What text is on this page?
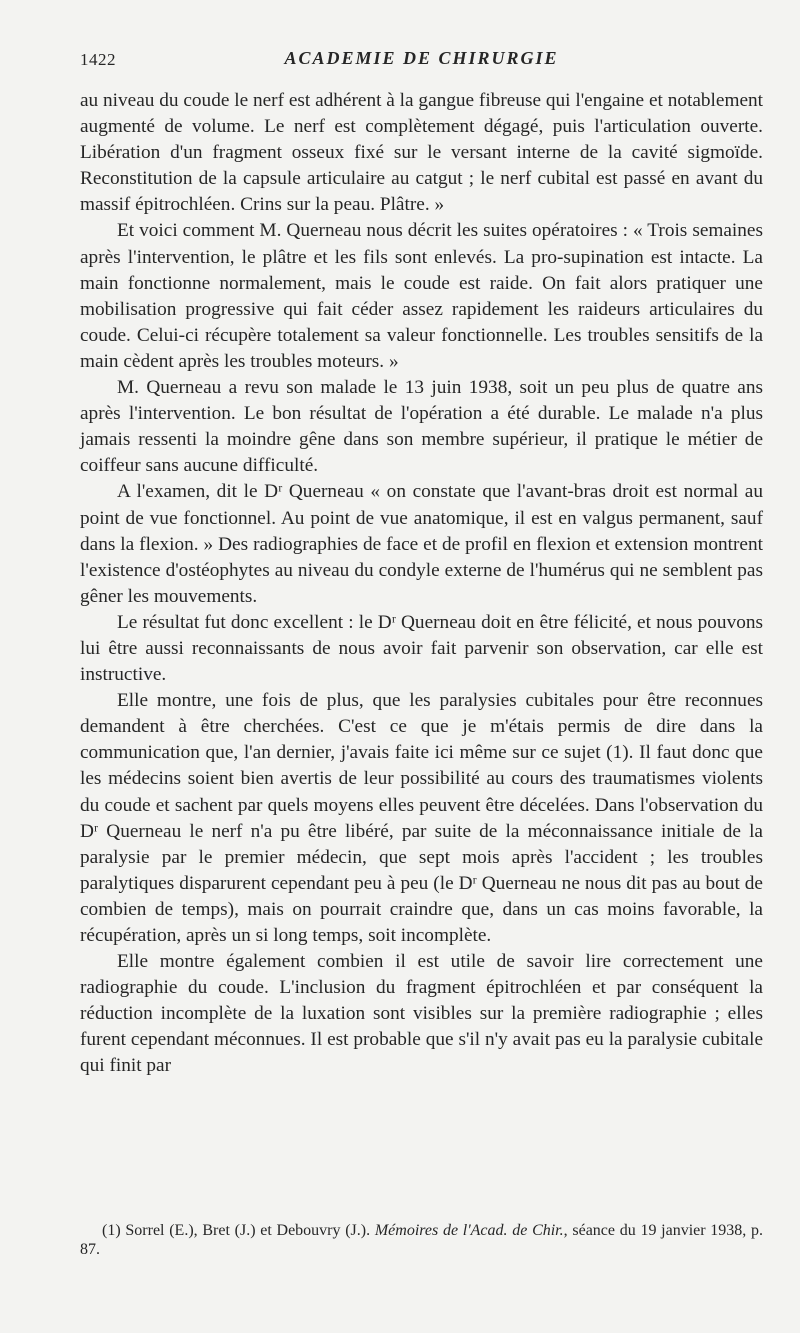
1422	ACADEMIE DE CHIRURGIE

au niveau du coude le nerf est adhérent à la gangue fibreuse qui l'engaine et notablement augmenté de volume. Le nerf est complètement dégagé, puis l'articulation ouverte. Libération d'un fragment osseux fixé sur le versant interne de la cavité sigmoïde. Reconstitution de la capsule articulaire au catgut ; le nerf cubital est passé en avant du massif épitrochléen. Crins sur la peau. Plâtre. »

Et voici comment M. Querneau nous décrit les suites opératoires : « Trois semaines après l'intervention, le plâtre et les fils sont enlevés. La pro-supination est intacte. La main fonctionne normalement, mais le coude est raide. On fait alors pratiquer une mobilisation progressive qui fait céder assez rapidement les raideurs articulaires du coude. Celui-ci récupère totalement sa valeur fonctionnelle. Les troubles sensitifs de la main cèdent après les troubles moteurs. »

M. Querneau a revu son malade le 13 juin 1938, soit un peu plus de quatre ans après l'intervention. Le bon résultat de l'opération a été durable. Le malade n'a plus jamais ressenti la moindre gêne dans son membre supérieur, il pratique le métier de coiffeur sans aucune difficulté.

A l'examen, dit le Dʳ Querneau « on constate que l'avant-bras droit est normal au point de vue fonctionnel. Au point de vue anatomique, il est en valgus permanent, sauf dans la flexion. » Des radiographies de face et de profil en flexion et extension montrent l'existence d'ostéophytes au niveau du condyle externe de l'humérus qui ne semblent pas gêner les mouvements.

Le résultat fut donc excellent : le Dʳ Querneau doit en être félicité, et nous pouvons lui être aussi reconnaissants de nous avoir fait parvenir son observation, car elle est instructive.

Elle montre, une fois de plus, que les paralysies cubitales pour être reconnues demandent à être cherchées. C'est ce que je m'étais permis de dire dans la communication que, l'an dernier, j'avais faite ici même sur ce sujet (1). Il faut donc que les médecins soient bien avertis de leur possibilité au cours des traumatismes violents du coude et sachent par quels moyens elles peuvent être décelées. Dans l'observation du Dʳ Querneau le nerf n'a pu être libéré, par suite de la méconnaissance initiale de la paralysie par le premier médecin, que sept mois après l'accident ; les troubles paralytiques disparurent cependant peu à peu (le Dʳ Querneau ne nous dit pas au bout de combien de temps), mais on pourrait craindre que, dans un cas moins favorable, la récupération, après un si long temps, soit incomplète.

Elle montre également combien il est utile de savoir lire correctement une radiographie du coude. L'inclusion du fragment épitrochléen et par conséquent la réduction incomplète de la luxation sont visibles sur la première radiographie ; elles furent cependant méconnues. Il est probable que s'il n'y avait pas eu la paralysie cubitale qui finit par

(1) Sorrel (E.), Bret (J.) et Debouvry (J.). Mémoires de l'Acad. de Chir., séance du 19 janvier 1938, p. 87.
